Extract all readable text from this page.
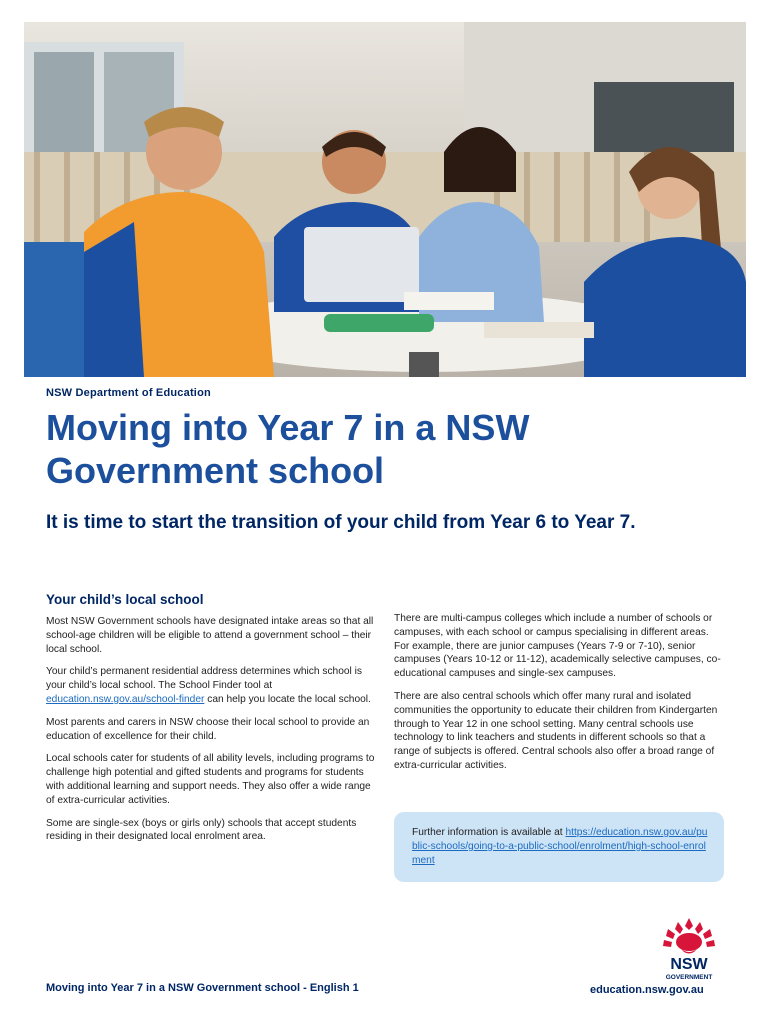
NSW Department of Education
Moving into Year 7 in a NSW Government school
It is time to start the transition of your child from Year 6 to Year 7.
Your child’s local school

Most NSW Government schools have designated intake areas so that all school-age children will be eligible to attend a government school – their local school.

Your child’s permanent residential address determines which school is your child’s local school. The School Finder tool at education.nsw.gov.au/school-finder can help you locate the local school.

Most parents and carers in NSW choose their local school to provide an education of excellence for their child.

Local schools cater for students of all ability levels, including programs to challenge high potential and gifted students and programs for students with additional learning and support needs. They also offer a wide range of extra-curricular activities.

Some are single-sex (boys or girls only) schools that accept students residing in their designated local enrolment area.

There are multi-campus colleges which include a number of schools or campuses, with each school or campus specialising in different areas. For example, there are junior campuses (Years 7-9 or 7-10), senior campuses (Years 10-12 or 11-12), academically selective campuses, co-educational campuses and single-sex campuses.

There are also central schools which offer many rural and isolated communities the opportunity to educate their children from Kindergarten through to Year 12 in one school setting. Many central schools use technology to link teachers and students in different schools so that a range of subjects is offered. Central schools also offer a broad range of extra-curricular activities.

Further information is available at https://education.nsw.gov.au/public-schools/going-to-a-public-school/enrolment/high-school-enrolment
NSW
GOVERNMENT
Moving into Year 7 in a NSW Government school - English 1	education.nsw.gov.au
